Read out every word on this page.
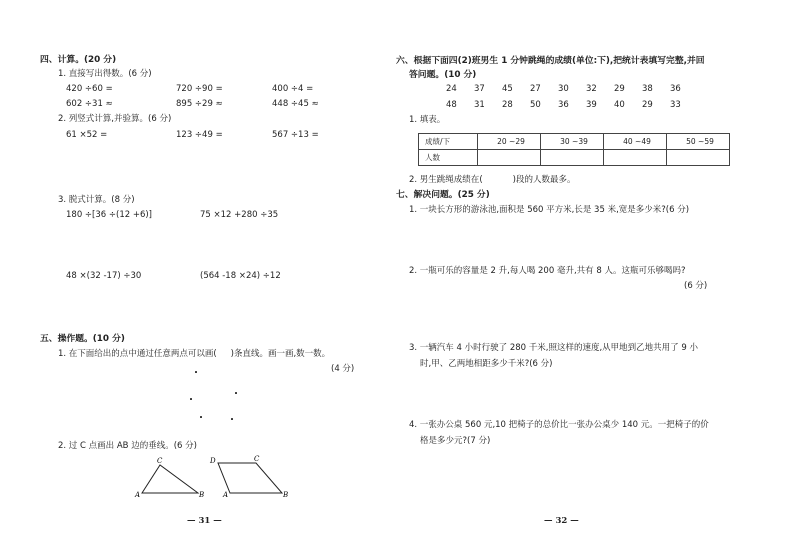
四、计算。(20 分)
1. 直接写出得数。(6 分)
420 ÷60 =	720 ÷90 =	400 ÷4 =
602 ÷31 ≈	895 ÷29 ≈	448 ÷45 ≈
2. 列竖式计算,并验算。(6 分)
61 ×52 =	123 ÷49 =	567 ÷13 =
3. 脱式计算。(8 分)
180 ÷[36 ÷(12 +6)]	75 ×12 +280 ÷35
48 ×(32 -17) ÷30	(564 -18 ×24) ÷12
五、操作题。(10 分)
1. 在下面给出的点中通过任意两点可以画( )条直线。画一画,数一数。
(4 分)
2. 过 C 点画出 AB 边的垂线。(6 分)
A
C
B
D	C
A	B
— 31 —
六、根据下面四(2)班男生 1 分钟跳绳的成绩(单位:下),把统计表填写完整,并回
答问题。(10 分)
24 37 45 27 30 32 29 38 36
48 31 28 50 36 39 40 29 33
1. 填表。
成绩/下	20 ~29	30 ~39	40 ~49	50 ~59
人数				
2. 男生跳绳成绩在(	)段的人数最多。
七、解决问题。(25 分)
1. 一块长方形的游泳池,面积是 560 平方米,长是 35 米,宽是多少米?(6 分)
2. 一瓶可乐的容量是 2 升,每人喝 200 毫升,共有 8 人。这瓶可乐够喝吗?
(6 分)
3. 一辆汽车 4 小时行驶了 280 千米,照这样的速度,从甲地到乙地共用了 9 小
时,甲、乙两地相距多少千米?(6 分)
4. 一张办公桌 560 元,10 把椅子的总价比一张办公桌少 140 元。一把椅子的价
格是多少元?(7 分)
— 32 —
